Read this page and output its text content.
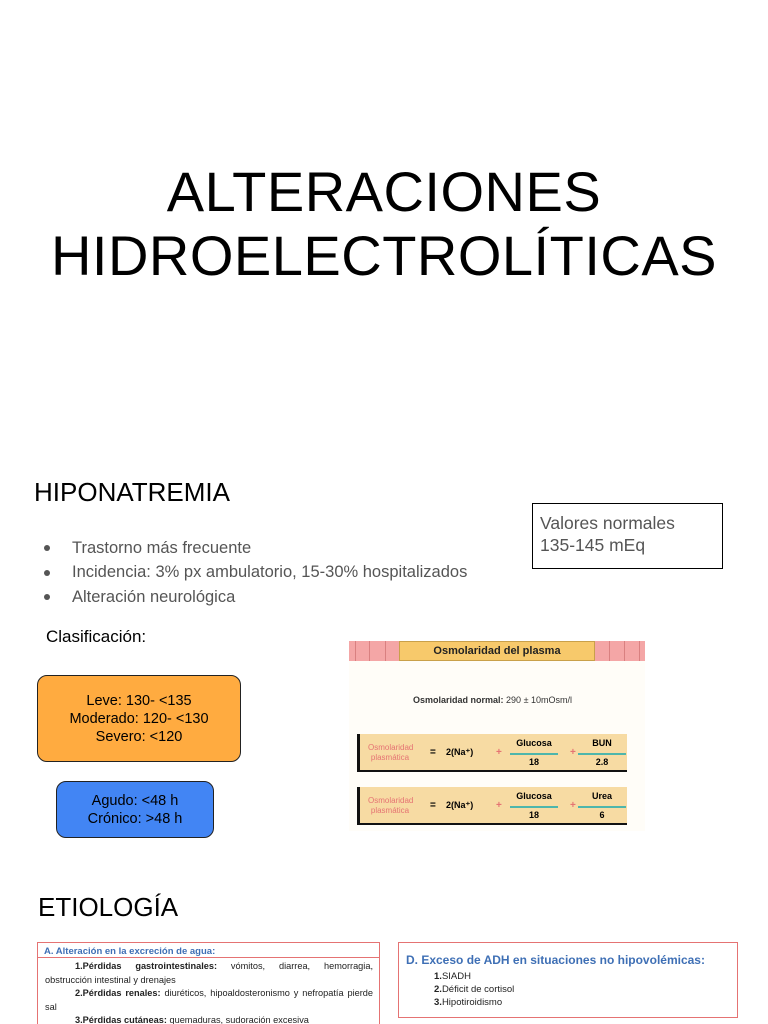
ALTERACIONES
HIDROELECTROLÍTICAS
HIPONATREMIA
Trastorno más frecuente
Incidencia: 3% px ambulatorio, 15-30% hospitalizados
Alteración neurológica
Valores normales
135-145 mEq
Clasificación:
Leve: 130- <135
Moderado: 120- <130
Severo: <120
Agudo: <48 h
Crónico: >48 h
Osmolaridad del plasma
Osmolaridad normal: 290 ± 10mOsm/l
Osmolaridad
plasmática = 2(Na⁺) +
Glucosa
18
+
BUN
2.8
Osmolaridad
plasmática = 2(Na⁺) +
Glucosa
18
+
Urea
6
ETIOLOGÍA
A. Alteración en la excreción de agua:
1.Pérdidas gastrointestinales: vómitos, diarrea, hemorragia, obstrucción intestinal y drenajes
2.Pérdidas renales: diuréticos, hipoaldosteronismo y nefropatía pierde sal
3.Pérdidas cutáneas: quemaduras, sudoración excesiva
D. Exceso de ADH en situaciones no hipovolémicas:
1.SIADH
2.Déficit de cortisol
3.Hipotiroidismo
